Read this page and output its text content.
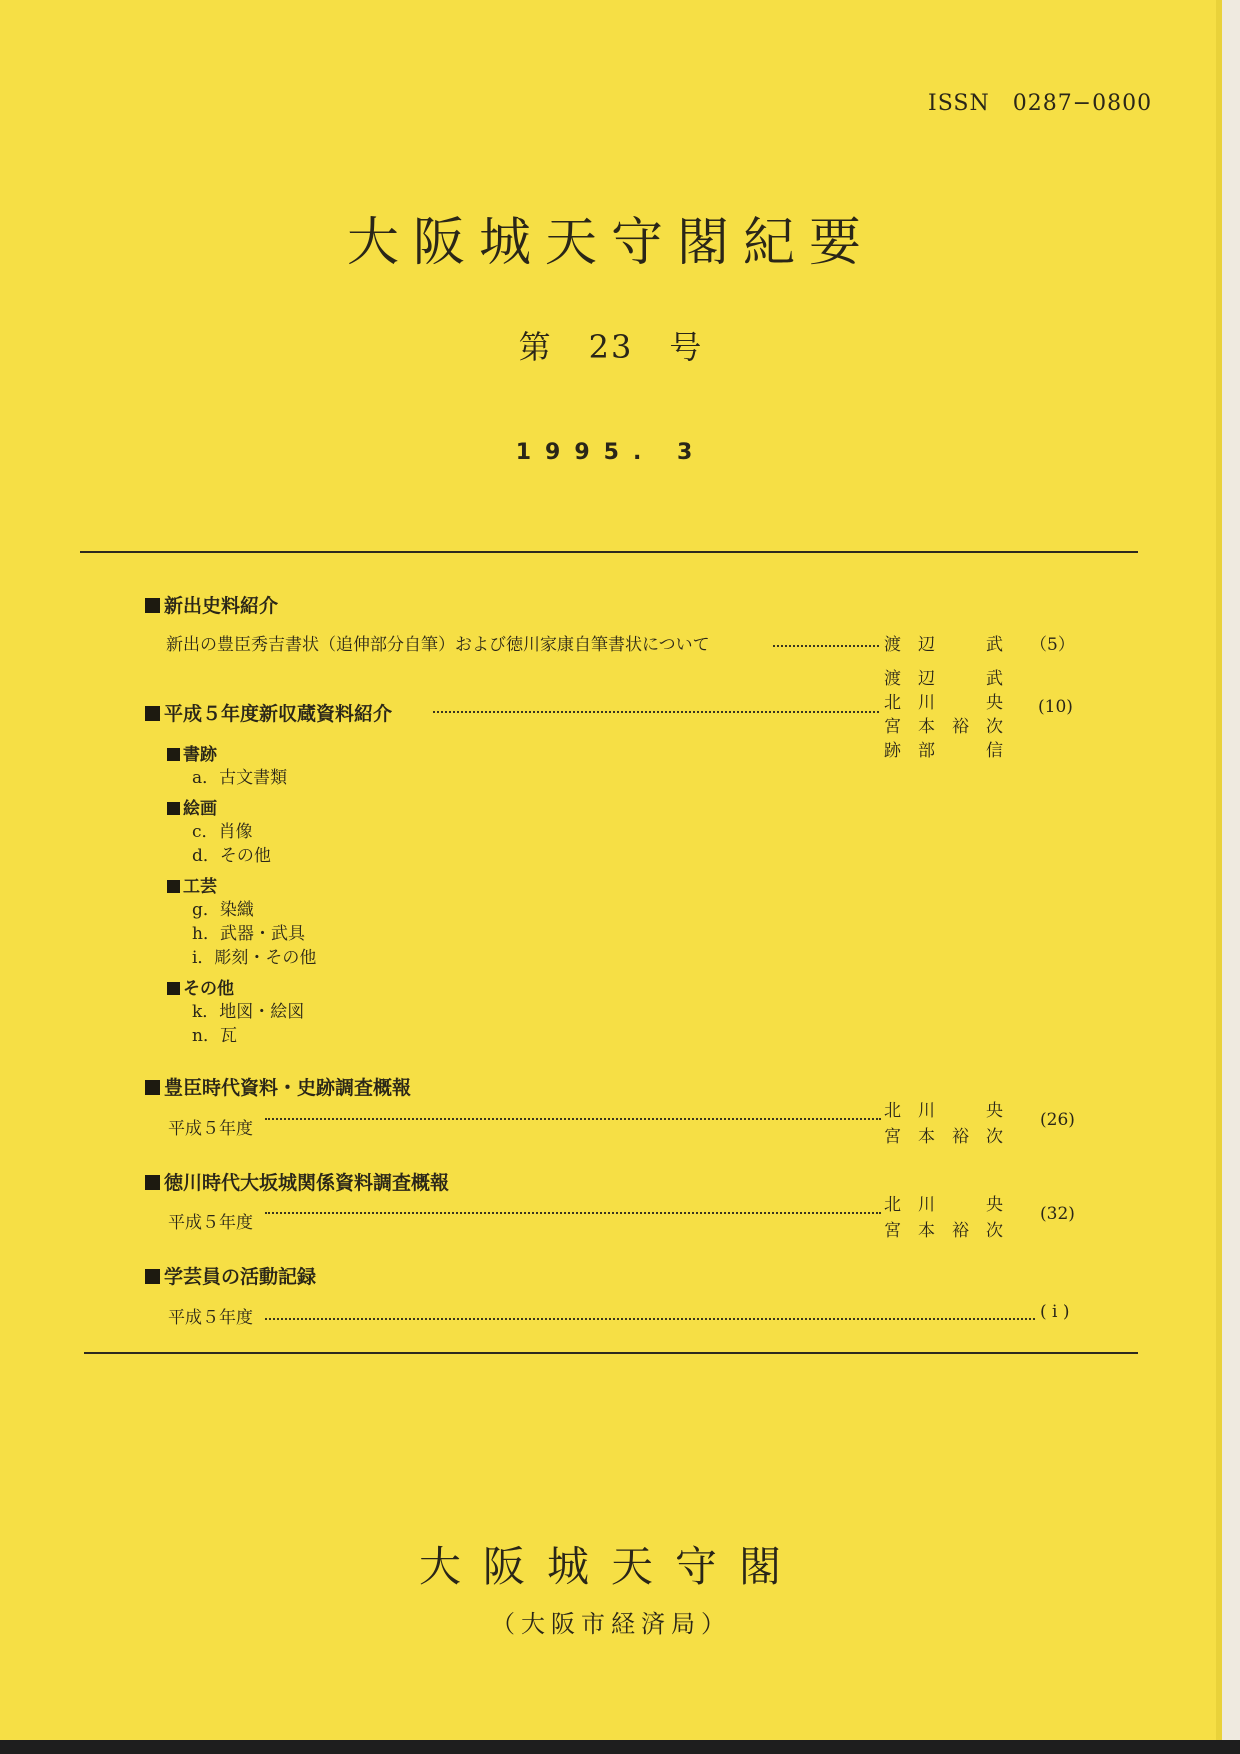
ISSN　0287−0800
大阪城天守閣紀要
第 23 号
1995. 3
新出史料紹介
新出の豊臣秀吉書状（追伸部分自筆）および徳川家康自筆書状について	渡　辺　　　武 （5）
平成５年度新収蔵資料紹介
渡　辺　　　武
北　川　　　央
宮　本　裕　次
跡　部　　　信
(10)
書跡
a．古文書類
絵画
c．肖像
d．その他
工芸
g．染織
h．武器・武具
i．彫刻・その他
その他
k．地図・絵図
n．瓦
豊臣時代資料・史跡調査概報
平成５年度
北　川　　　央
宮　本　裕　次
(26)
徳川時代大坂城関係資料調査概報
平成５年度
北　川　　　央
宮　本　裕　次
(32)
学芸員の活動記録
平成５年度	( i )
大阪城天守閣
（大阪市経済局）
